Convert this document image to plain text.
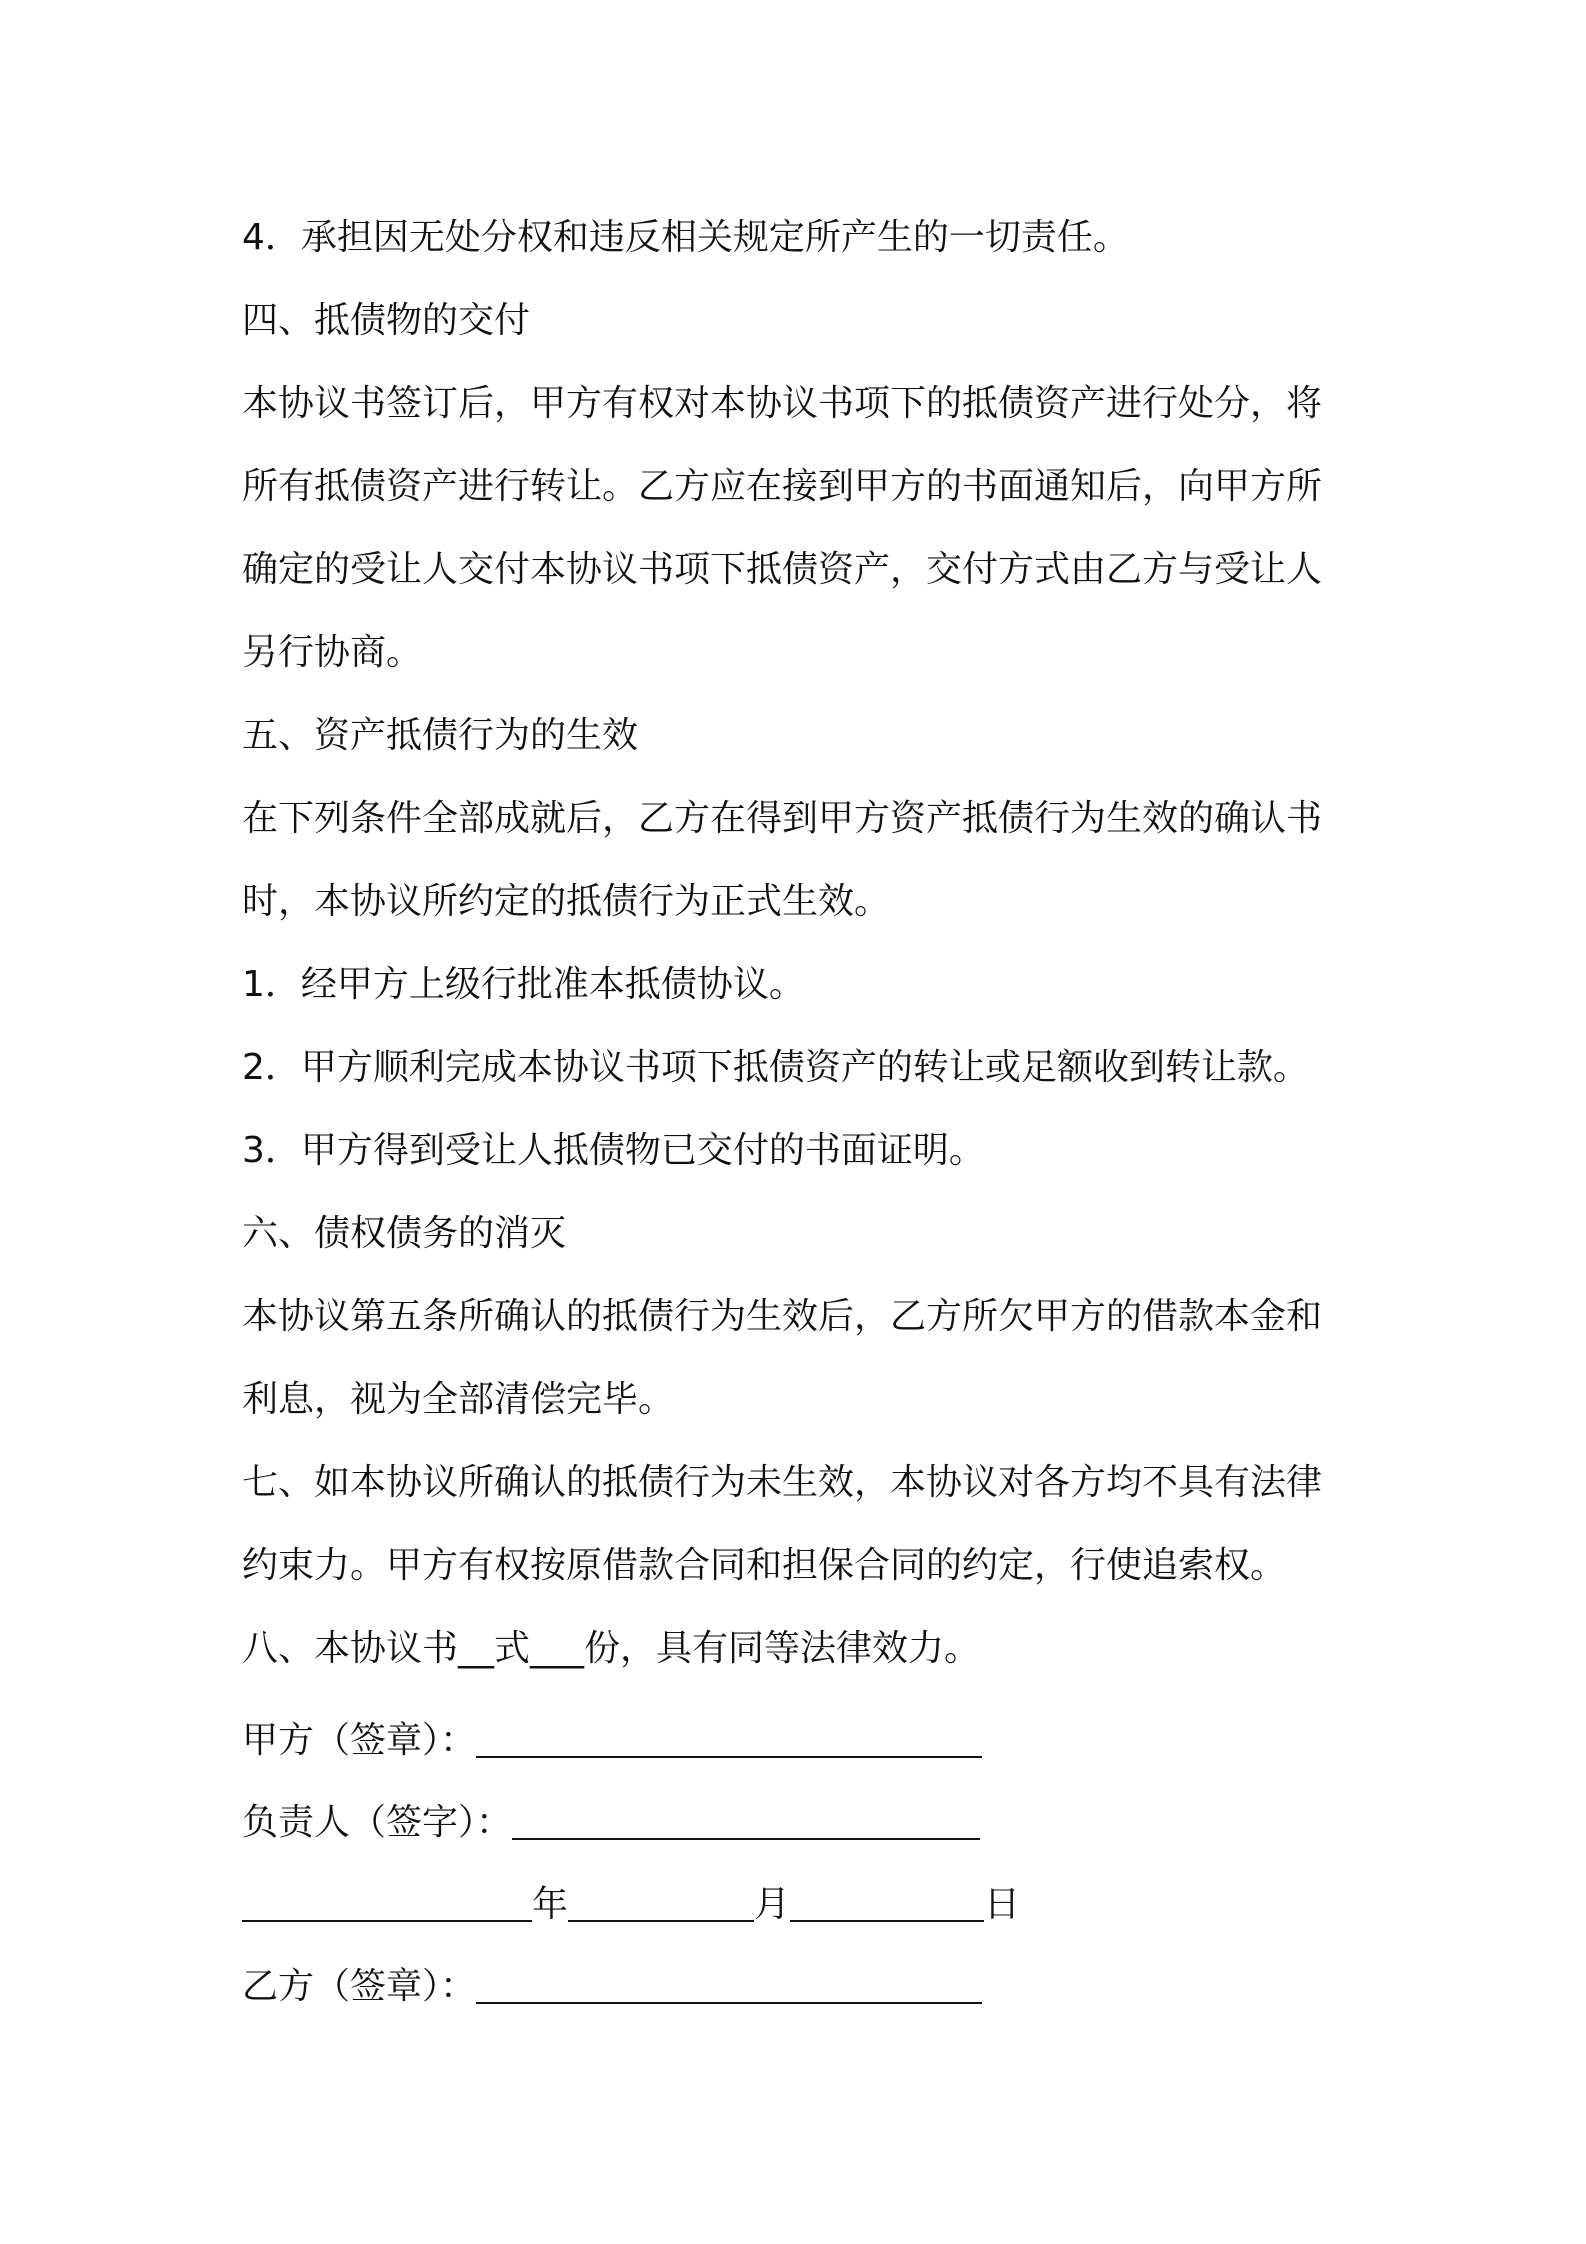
4．承担因无处分权和违反相关规定所产生的一切责任。
四、抵债物的交付
本协议书签订后，甲方有权对本协议书项下的抵债资产进行处分，将
所有抵债资产进行转让。乙方应在接到甲方的书面通知后，向甲方所
确定的受让人交付本协议书项下抵债资产，交付方式由乙方与受让人
另行协商。
五、资产抵债行为的生效
在下列条件全部成就后，乙方在得到甲方资产抵债行为生效的确认书
时，本协议所约定的抵债行为正式生效。
1．经甲方上级行批准本抵债协议。
2．甲方顺利完成本协议书项下抵债资产的转让或足额收到转让款。
3．甲方得到受让人抵债物已交付的书面证明。
六、债权债务的消灭
本协议第五条所确认的抵债行为生效后，乙方所欠甲方的借款本金和
利息，视为全部清偿完毕。
七、如本协议所确认的抵债行为未生效，本协议对各方均不具有法律
约束力。甲方有权按原借款合同和担保合同的约定，行使追索权。
八、本协议书__式___份，具有同等法律效力。
甲方（签章）：
负责人（签字）：
年	月	日
乙方（签章）：
